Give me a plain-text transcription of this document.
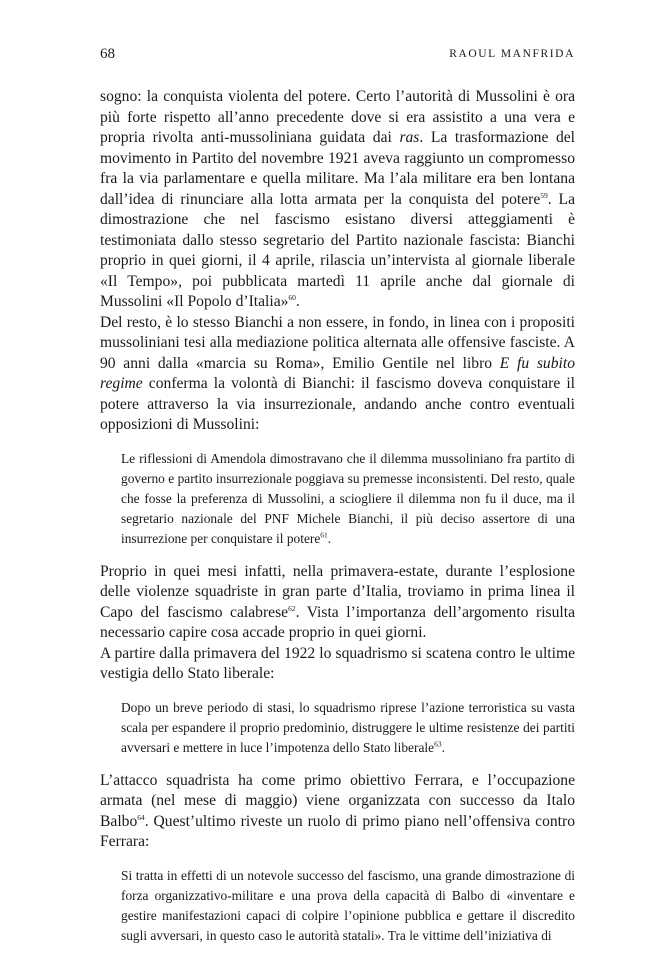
68	RAOUL MANFRIDA

sogno: la conquista violenta del potere. Certo l’autorità di Mussolini è ora più forte rispetto all’anno precedente dove si era assistito a una vera e propria rivolta anti-mussoliniana guidata dai ras. La trasformazione del movimento in Partito del novembre 1921 aveva raggiunto un compromesso fra la via parlamentare e quella militare. Ma l’ala militare era ben lontana dall’idea di rinunciare alla lotta armata per la conquista del potere$^{59}$. La dimostrazione che nel fascismo esistano diversi atteggiamenti è testimoniata dallo stesso segretario del Partito nazionale fascista: Bianchi proprio in quei giorni, il 4 aprile, rilascia un’intervista al giornale liberale «Il Tempo», poi pubblicata martedì 11 aprile anche dal giornale di Mussolini «Il Popolo d’Italia»$^{60}$.

Del resto, è lo stesso Bianchi a non essere, in fondo, in linea con i propositi mussoliniani tesi alla mediazione politica alternata alle offensive fasciste. A 90 anni dalla «marcia su Roma», Emilio Gentile nel libro E fu subito regime conferma la volontà di Bianchi: il fascismo doveva conquistare il potere attraverso la via insurrezionale, andando anche contro eventuali opposizioni di Mussolini:

Le riflessioni di Amendola dimostravano che il dilemma mussoliniano fra partito di governo e partito insurrezionale poggiava su premesse inconsistenti. Del resto, quale che fosse la preferenza di Mussolini, a sciogliere il dilemma non fu il duce, ma il segretario nazionale del PNF Michele Bianchi, il più deciso assertore di una insurrezione per conquistare il potere$^{61}$.

Proprio in quei mesi infatti, nella primavera-estate, durante l’esplosione delle violenze squadriste in gran parte d’Italia, troviamo in prima linea il Capo del fascismo calabrese$^{62}$. Vista l’importanza dell’argomento risulta necessario capire cosa accade proprio in quei giorni.

A partire dalla primavera del 1922 lo squadrismo si scatena contro le ultime vestigia dello Stato liberale:

Dopo un breve periodo di stasi, lo squadrismo riprese l’azione terroristica su vasta scala per espandere il proprio predominio, distruggere le ultime resistenze dei partiti avversari e mettere in luce l’impotenza dello Stato liberale$^{63}$.

L’attacco squadrista ha come primo obiettivo Ferrara, e l’occupazione armata (nel mese di maggio) viene organizzata con successo da Italo Balbo$^{64}$. Quest’ultimo riveste un ruolo di primo piano nell’offensiva contro Ferrara:

Si tratta in effetti di un notevole successo del fascismo, una grande dimostrazione di forza organizzativo-militare e una prova della capacità di Balbo di «inventare e gestire manifestazioni capaci di colpire l’opinione pubblica e gettare il discredito sugli avversari, in questo caso le autorità statali». Tra le vittime dell’iniziativa di
